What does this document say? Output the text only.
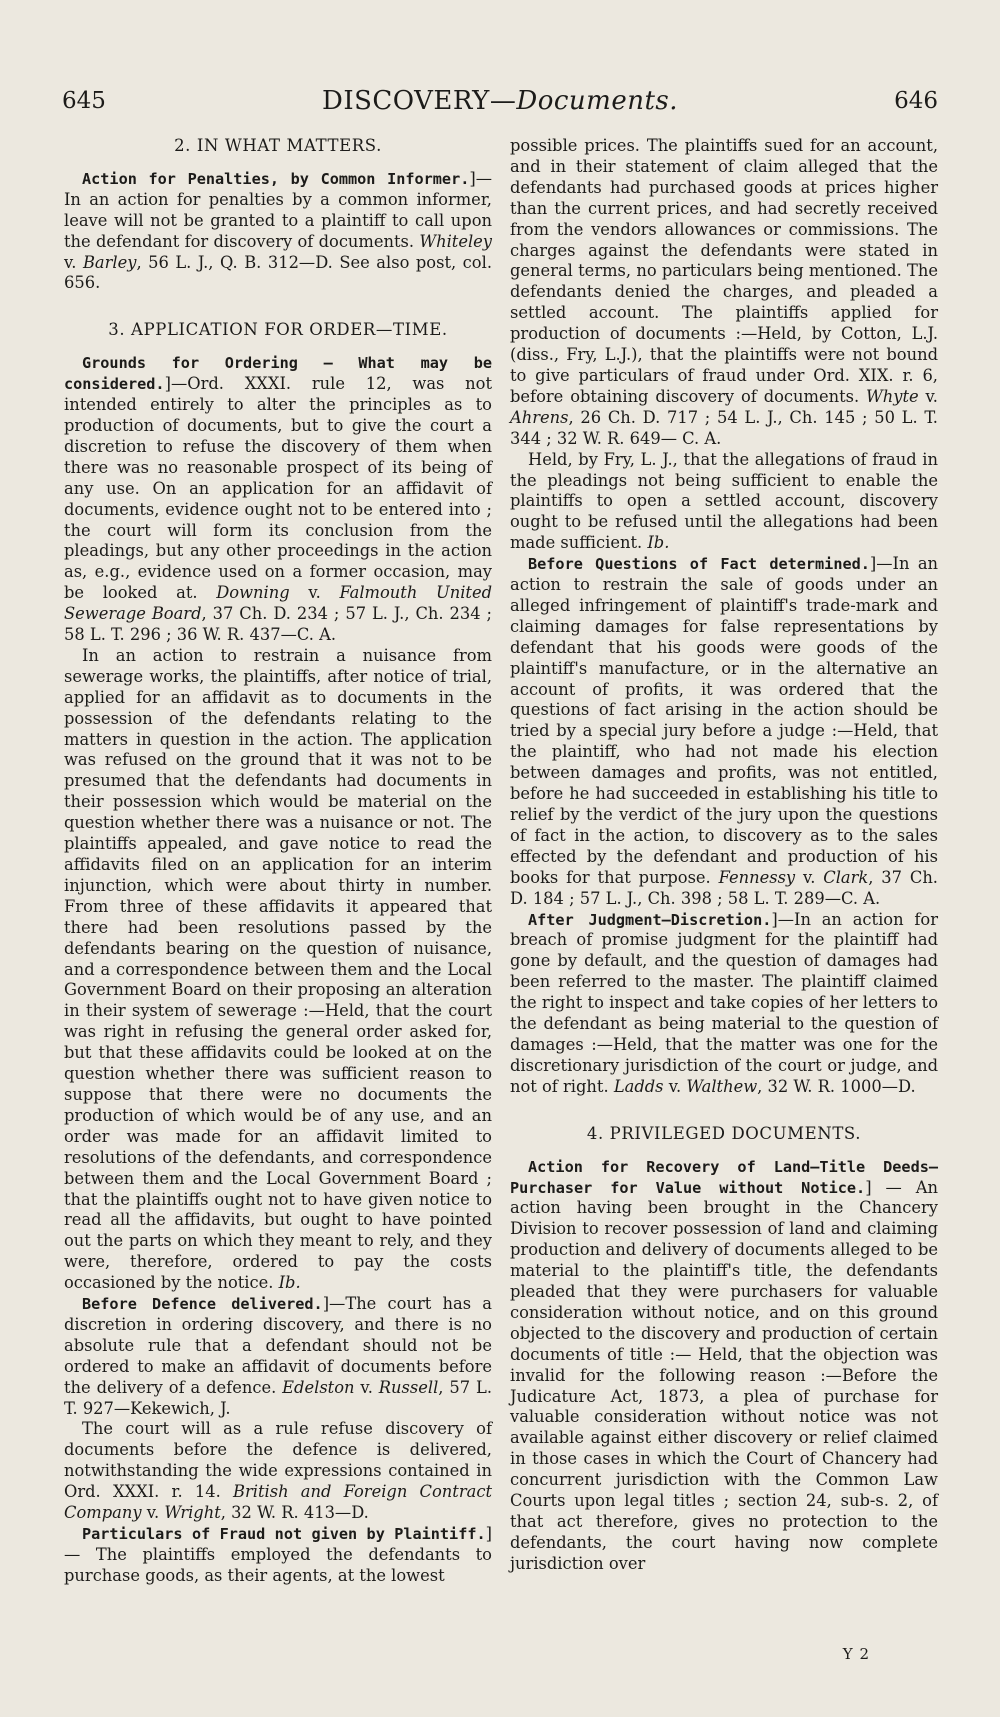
645	DISCOVERY—Documents.	646
2. IN WHAT MATTERS.

Action for Penalties, by Common Informer.]— In an action for penalties by a common informer, leave will not be granted to a plaintiff to call upon the defendant for discovery of documents. Whiteley v. Barley, 56 L. J., Q. B. 312—D. See also post, col. 656.

3. APPLICATION FOR ORDER—TIME.

Grounds for Ordering — What may be considered.]—Ord. XXXI. rule 12, was not intended entirely to alter the principles as to production of documents, but to give the court a discretion to refuse the discovery of them when there was no reasonable prospect of its being of any use. On an application for an affidavit of documents, evidence ought not to be entered into ; the court will form its conclusion from the pleadings, but any other proceedings in the action as, e.g., evidence used on a former occasion, may be looked at. Downing v. Falmouth United Sewerage Board, 37 Ch. D. 234 ; 57 L. J., Ch. 234 ; 58 L. T. 296 ; 36 W. R. 437—C. A.

In an action to restrain a nuisance from sewerage works, the plaintiffs, after notice of trial, applied for an affidavit as to documents in the possession of the defendants relating to the matters in question in the action. The application was refused on the ground that it was not to be presumed that the defendants had documents in their possession which would be material on the question whether there was a nuisance or not. The plaintiffs appealed, and gave notice to read the affidavits filed on an application for an interim injunction, which were about thirty in number. From three of these affidavits it appeared that there had been resolutions passed by the defendants bearing on the question of nuisance, and a correspondence between them and the Local Government Board on their proposing an alteration in their system of sewerage :—Held, that the court was right in refusing the general order asked for, but that these affidavits could be looked at on the question whether there was sufficient reason to suppose that there were no documents the production of which would be of any use, and an order was made for an affidavit limited to resolutions of the defendants, and correspondence between them and the Local Government Board ; that the plaintiffs ought not to have given notice to read all the affidavits, but ought to have pointed out the parts on which they meant to rely, and they were, therefore, ordered to pay the costs occasioned by the notice. Ib.

Before Defence delivered.]—The court has a discretion in ordering discovery, and there is no absolute rule that a defendant should not be ordered to make an affidavit of documents before the delivery of a defence. Edelston v. Russell, 57 L. T. 927—Kekewich, J.

The court will as a rule refuse discovery of documents before the defence is delivered, notwithstanding the wide expressions contained in Ord. XXXI. r. 14. British and Foreign Contract Company v. Wright, 32 W. R. 413—D.

Particulars of Fraud not given by Plaintiff.]— The plaintiffs employed the defendants to purchase goods, as their agents, at the lowest

possible prices. The plaintiffs sued for an account, and in their statement of claim alleged that the defendants had purchased goods at prices higher than the current prices, and had secretly received from the vendors allowances or commissions. The charges against the defendants were stated in general terms, no particulars being mentioned. The defendants denied the charges, and pleaded a settled account. The plaintiffs applied for production of documents :—Held, by Cotton, L.J. (diss., Fry, L.J.), that the plaintiffs were not bound to give particulars of fraud under Ord. XIX. r. 6, before obtaining discovery of documents. Whyte v. Ahrens, 26 Ch. D. 717 ; 54 L. J., Ch. 145 ; 50 L. T. 344 ; 32 W. R. 649— C. A.

Held, by Fry, L. J., that the allegations of fraud in the pleadings not being sufficient to enable the plaintiffs to open a settled account, discovery ought to be refused until the allegations had been made sufficient. Ib.

Before Questions of Fact determined.]—In an action to restrain the sale of goods under an alleged infringement of plaintiff's trade-mark and claiming damages for false representations by defendant that his goods were goods of the plaintiff's manufacture, or in the alternative an account of profits, it was ordered that the questions of fact arising in the action should be tried by a special jury before a judge :—Held, that the plaintiff, who had not made his election between damages and profits, was not entitled, before he had succeeded in establishing his title to relief by the verdict of the jury upon the questions of fact in the action, to discovery as to the sales effected by the defendant and production of his books for that purpose. Fennessy v. Clark, 37 Ch. D. 184 ; 57 L. J., Ch. 398 ; 58 L. T. 289—C. A.

After Judgment—Discretion.]—In an action for breach of promise judgment for the plaintiff had gone by default, and the question of damages had been referred to the master. The plaintiff claimed the right to inspect and take copies of her letters to the defendant as being material to the question of damages :—Held, that the matter was one for the discretionary jurisdiction of the court or judge, and not of right. Ladds v. Walthew, 32 W. R. 1000—D.

4. PRIVILEGED DOCUMENTS.

Action for Recovery of Land—Title Deeds—Purchaser for Value without Notice.] — An action having been brought in the Chancery Division to recover possession of land and claiming production and delivery of documents alleged to be material to the plaintiff's title, the defendants pleaded that they were purchasers for valuable consideration without notice, and on this ground objected to the discovery and production of certain documents of title :— Held, that the objection was invalid for the following reason :—Before the Judicature Act, 1873, a plea of purchase for valuable consideration without notice was not available against either discovery or relief claimed in those cases in which the Court of Chancery had concurrent jurisdiction with the Common Law Courts upon legal titles ; section 24, sub-s. 2, of that act therefore, gives no protection to the defendants, the court having now complete jurisdiction over

Y 2
